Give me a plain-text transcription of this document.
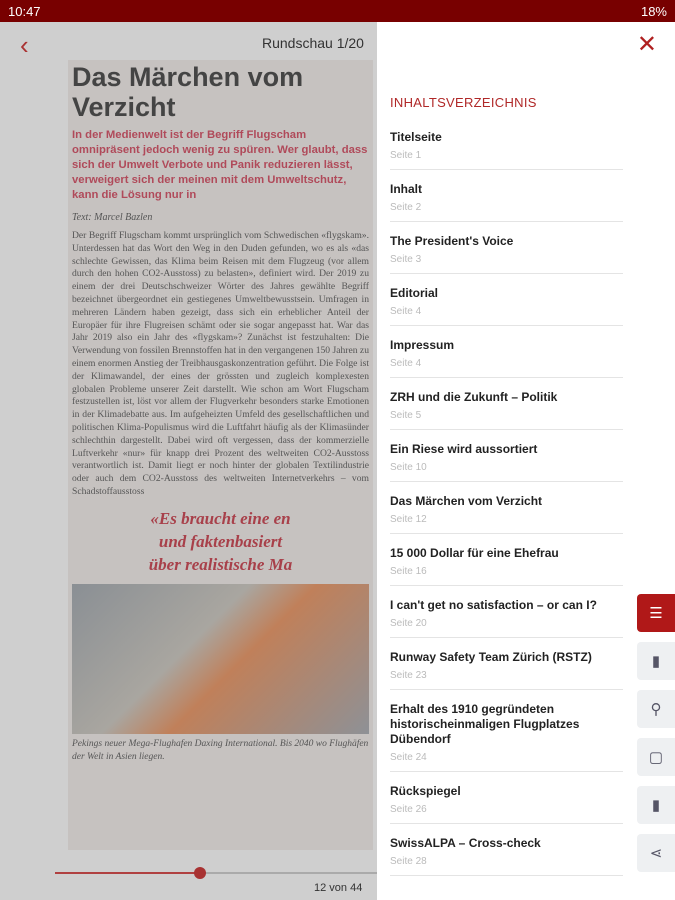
10:47	18%
‹	Rundschau 1/20
Das Märchen vom Verzicht
In der Medienwelt ist der Begriff Flugscham omnipräsent jedoch wenig zu spüren. Wer glaubt, dass sich der Umwelt Verbote und Panik reduzieren lässt, verweigert sich der meinen mit dem Umweltschutz, kann die Lösung nur in
Text: Marcel Bazlen
Der Begriff Flugscham kommt ursprünglich vom Schwedischen «flygskam». Unterdessen hat das Wort den Weg in den Duden gefunden, wo es als «das schlechte Gewissen, das Klima beim Reisen mit dem Flugzeug (vor allem durch den hohen CO2-Ausstoss) zu belasten», definiert wird. Der 2019 zu einem der drei Deutschschweizer Wörter des Jahres gewählte Begriff bezeichnet übergeordnet ein gestiegenes Umweltbewusstsein. Umfragen in mehreren Ländern haben gezeigt, dass sich ein erheblicher Anteil der Europäer für ihre Flugreisen schämt oder sie sogar angepasst hat. War das Jahr 2019 also ein Jahr des «flygskam»? Zunächst ist festzuhalten: Die Verwendung von fossilen Brennstoffen hat in den vergangenen 150 Jahren zu einem enormen Anstieg der Treibhausgaskonzentration geführt. Die Folge ist der Klimawandel, der eines der grössten und zugleich komplexesten globalen Probleme unserer Zeit darstellt. Wie schon am Wort Flugscham festzustellen ist, löst vor allem der Flugverkehr besonders starke Emotionen in der Klimadebatte aus. Im aufgeheizten Umfeld des gesellschaftlichen und politischen Klima-Populismus wird die Luftfahrt häufig als der Klimasünder schlechthin dargestellt. Dabei wird oft vergessen, dass der kommerzielle Luftverkehr «nur» für knapp drei Prozent des weltweiten CO2-Ausstoss verantwortlich ist. Damit liegt er noch hinter der globalen Textilindustrie oder auch dem CO2-Ausstoss des weltweiten Internetverkehrs – vom Schadstoffausstoss
«Es braucht eine en
und faktenbasiert
über realistische Ma
Pekings neuer Mega-Flughafen Daxing International. Bis 2040 wo Flughäfen der Welt in Asien liegen.
12 von 44
✕
INHALTSVERZEICHNIS
Titelseite
Seite 1
Inhalt
Seite 2
The President's Voice
Seite 3
Editorial
Seite 4
Impressum
Seite 4
ZRH und die Zukunft – Politik
Seite 5
Ein Riese wird aussortiert
Seite 10
Das Märchen vom Verzicht
Seite 12
15 000 Dollar für eine Ehefrau
Seite 16
I can't get no satisfaction – or can I?
Seite 20
Runway Safety Team Zürich (RSTZ)
Seite 23
Erhalt des 1910 gegründeten historischeinmaligen Flugplatzes Dübendorf
Seite 24
Rückspiegel
Seite 26
SwissALPA – Cross-check
Seite 28
☰
▮
⚲
▢
▮
⋖
